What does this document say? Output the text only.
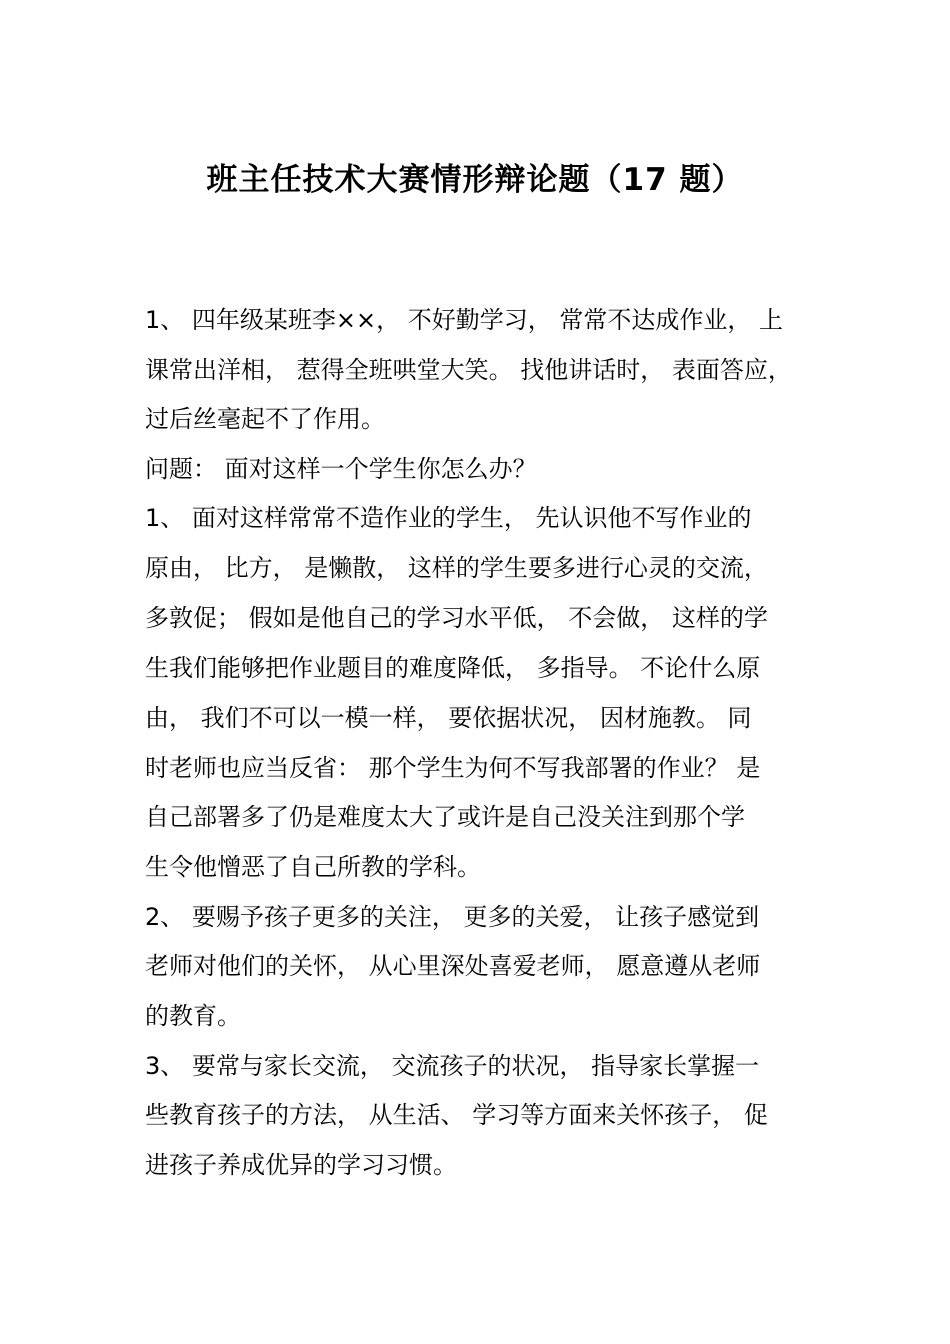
班主任技术大赛情形辩论题（17 题）
1、 四年级某班李××， 不好勤学习， 常常不达成作业， 上
课常出洋相， 惹得全班哄堂大笑。 找他讲话时， 表面答应，
过后丝毫起不了作用。
问题： 面对这样一个学生你怎么办？
1、 面对这样常常不造作业的学生， 先认识他不写作业的
原由， 比方， 是懒散， 这样的学生要多进行心灵的交流，
多敦促； 假如是他自己的学习水平低， 不会做， 这样的学
生我们能够把作业题目的难度降低， 多指导。 不论什么原
由， 我们不可以一模一样， 要依据状况， 因材施教。 同
时老师也应当反省： 那个学生为何不写我部署的作业？ 是
自己部署多了仍是难度太大了或许是自己没关注到那个学
生令他憎恶了自己所教的学科。
2、 要赐予孩子更多的关注， 更多的关爱， 让孩子感觉到
老师对他们的关怀， 从心里深处喜爱老师， 愿意遵从老师
的教育。
3、 要常与家长交流， 交流孩子的状况， 指导家长掌握一
些教育孩子的方法， 从生活、 学习等方面来关怀孩子， 促
进孩子养成优异的学习习惯。
